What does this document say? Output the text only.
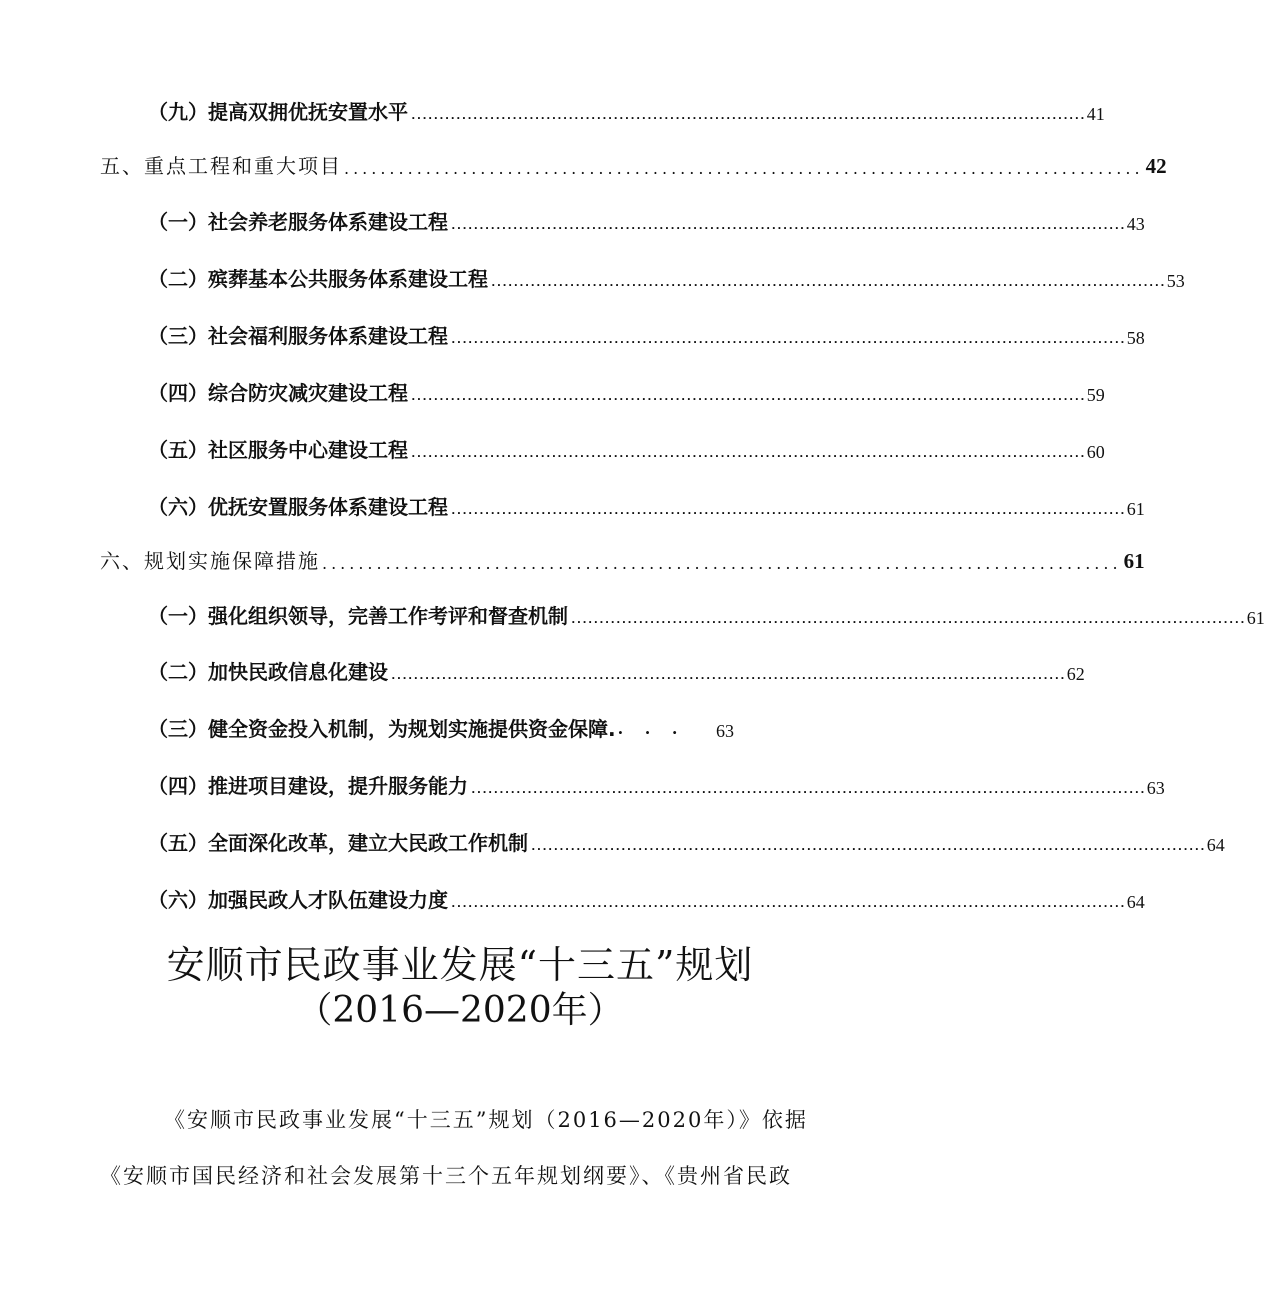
（九）提高双拥优抚安置水平 ........................................................................................................................ 41
五、重点工程和重大项目 ........................................................................................ 42
（一）社会养老服务体系建设工程 ........................................................................................................................ 43
（二）殡葬基本公共服务体系建设工程 ........................................................................................................................ 53
（三）社会福利服务体系建设工程 ........................................................................................................................ 58
（四）综合防灾减灾建设工程 ........................................................................................................................ 59
（五）社区服务中心建设工程 ........................................................................................................................ 60
（六）优抚安置服务体系建设工程 ........................................................................................................................ 61
六、规划实施保障措施 ........................................................................................ 61
（一）强化组织领导，完善工作考评和督查机制 ........................................................................................................................ 61
（二）加快民政信息化建设 ........................................................................................................................ 62
（三）健全资金投入机制，为规划实施提供资金保障. · · ·	63
（四）推进项目建设，提升服务能力 ........................................................................................................................ 63
（五）全面深化改革，建立大民政工作机制 ........................................................................................................................ 64
（六）加强民政人才队伍建设力度 ........................................................................................................................ 64
安顺市民政事业发展“十三五”规划
（2016—2020年）
《安顺市民政事业发展“十三五”规划（2016—2020年）》依据《安顺市国民经济和社会发展第十三个五年规划纲要》、《贵州省民政
